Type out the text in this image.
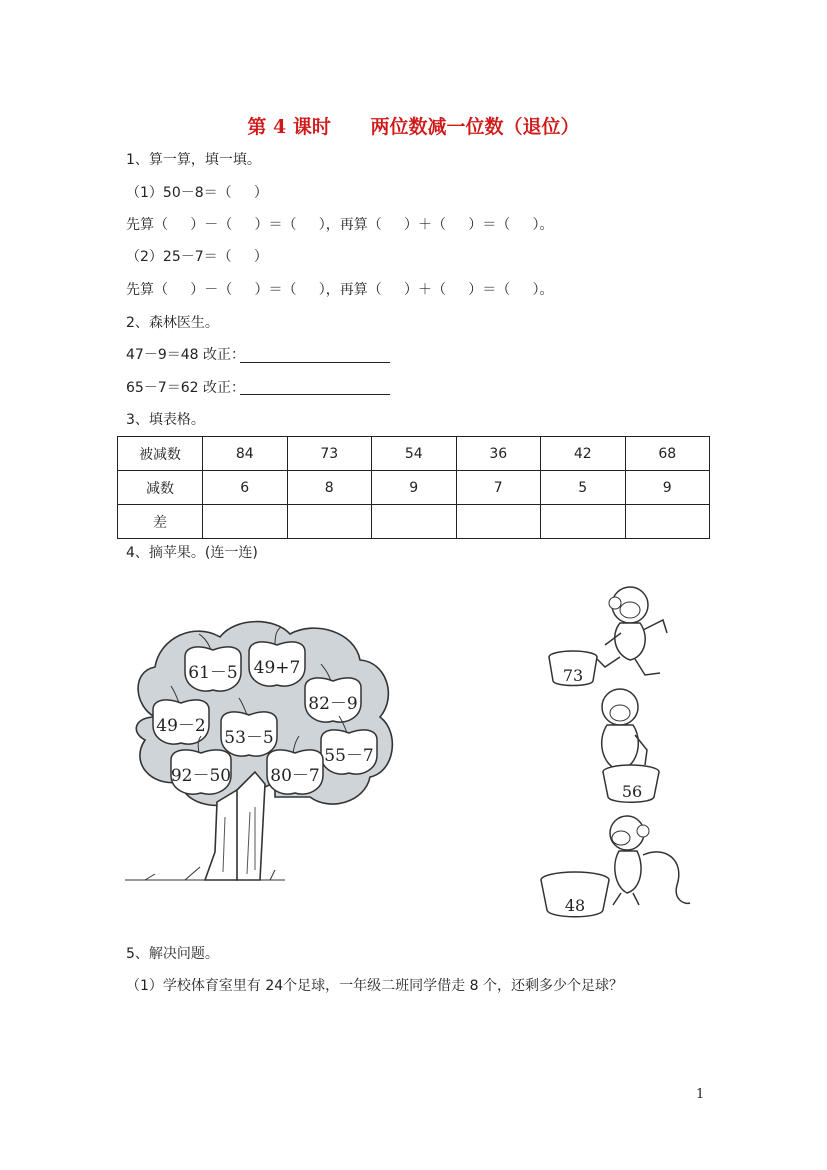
第 4 课时      两位数减一位数（退位）
1、算一算，填一填。
（1）50－8＝（     ）
先算（     ）－（     ）＝（     ），再算（     ）＋（     ）＝（     ）。
（2）25－7＝（     ）
先算（     ）－（     ）＝（     ），再算（     ）＋（     ）＝（     ）。
2、森林医生。
47－9＝48 改正：
65－7＝62 改正：
3、填表格。
被减数	84	73	54	36	42	68
减数	6	8	9	7	5	9
差						
4、摘苹果。(连一连)
61－5 49+7
82－9
49－2
53－5
55－7
92－50 80－7
73
56
48
5、解决问题。
（1）学校体育室里有 24个足球，一年级二班同学借走 8 个，还剩多少个足球？
1
